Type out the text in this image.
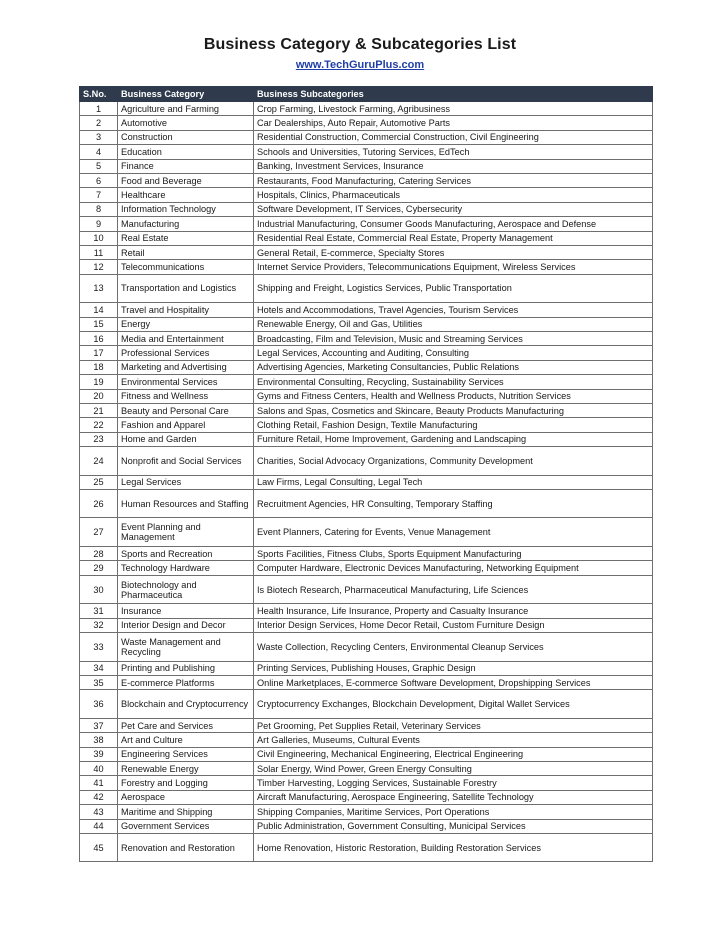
Business Category & Subcategories List
www.TechGuruPlus.com
S.No.	Business Category	Business Subcategories
1	Agriculture and Farming	Crop Farming, Livestock Farming, Agribusiness
2	Automotive	Car Dealerships, Auto Repair, Automotive Parts
3	Construction	Residential Construction, Commercial Construction, Civil Engineering
4	Education	Schools and Universities, Tutoring Services, EdTech
5	Finance	Banking, Investment Services, Insurance
6	Food and Beverage	Restaurants, Food Manufacturing, Catering Services
7	Healthcare	Hospitals, Clinics, Pharmaceuticals
8	Information Technology	Software Development, IT Services, Cybersecurity
9	Manufacturing	Industrial Manufacturing, Consumer Goods Manufacturing, Aerospace and Defense
10	Real Estate	Residential Real Estate, Commercial Real Estate, Property Management
11	Retail	General Retail, E-commerce, Specialty Stores
12	Telecommunications	Internet Service Providers, Telecommunications Equipment, Wireless Services
13	Transportation and Logistics	Shipping and Freight, Logistics Services, Public Transportation
14	Travel and Hospitality	Hotels and Accommodations, Travel Agencies, Tourism Services
15	Energy	Renewable Energy, Oil and Gas, Utilities
16	Media and Entertainment	Broadcasting, Film and Television, Music and Streaming Services
17	Professional Services	Legal Services, Accounting and Auditing, Consulting
18	Marketing and Advertising	Advertising Agencies, Marketing Consultancies, Public Relations
19	Environmental Services	Environmental Consulting, Recycling, Sustainability Services
20	Fitness and Wellness	Gyms and Fitness Centers, Health and Wellness Products, Nutrition Services
21	Beauty and Personal Care	Salons and Spas, Cosmetics and Skincare, Beauty Products Manufacturing
22	Fashion and Apparel	Clothing Retail, Fashion Design, Textile Manufacturing
23	Home and Garden	Furniture Retail, Home Improvement, Gardening and Landscaping
24	Nonprofit and Social Services	Charities, Social Advocacy Organizations, Community Development
25	Legal Services	Law Firms, Legal Consulting, Legal Tech
26	Human Resources and Staffing	Recruitment Agencies, HR Consulting, Temporary Staffing
27	Event Planning and Management	Event Planners, Catering for Events, Venue Management
28	Sports and Recreation	Sports Facilities, Fitness Clubs, Sports Equipment Manufacturing
29	Technology Hardware	Computer Hardware, Electronic Devices Manufacturing, Networking Equipment
30	Biotechnology and Pharmaceutica	Is Biotech Research, Pharmaceutical Manufacturing, Life Sciences
31	Insurance	Health Insurance, Life Insurance, Property and Casualty Insurance
32	Interior Design and Decor	Interior Design Services, Home Decor Retail, Custom Furniture Design
33	Waste Management and Recycling	Waste Collection, Recycling Centers, Environmental Cleanup Services
34	Printing and Publishing	Printing Services, Publishing Houses, Graphic Design
35	E-commerce Platforms	Online Marketplaces, E-commerce Software Development, Dropshipping Services
36	Blockchain and Cryptocurrency	Cryptocurrency Exchanges, Blockchain Development, Digital Wallet Services
37	Pet Care and Services	Pet Grooming, Pet Supplies Retail, Veterinary Services
38	Art and Culture	Art Galleries, Museums, Cultural Events
39	Engineering Services	Civil Engineering, Mechanical Engineering, Electrical Engineering
40	Renewable Energy	Solar Energy, Wind Power, Green Energy Consulting
41	Forestry and Logging	Timber Harvesting, Logging Services, Sustainable Forestry
42	Aerospace	Aircraft Manufacturing, Aerospace Engineering, Satellite Technology
43	Maritime and Shipping	Shipping Companies, Maritime Services, Port Operations
44	Government Services	Public Administration, Government Consulting, Municipal Services
45	Renovation and Restoration	Home Renovation, Historic Restoration, Building Restoration Services
